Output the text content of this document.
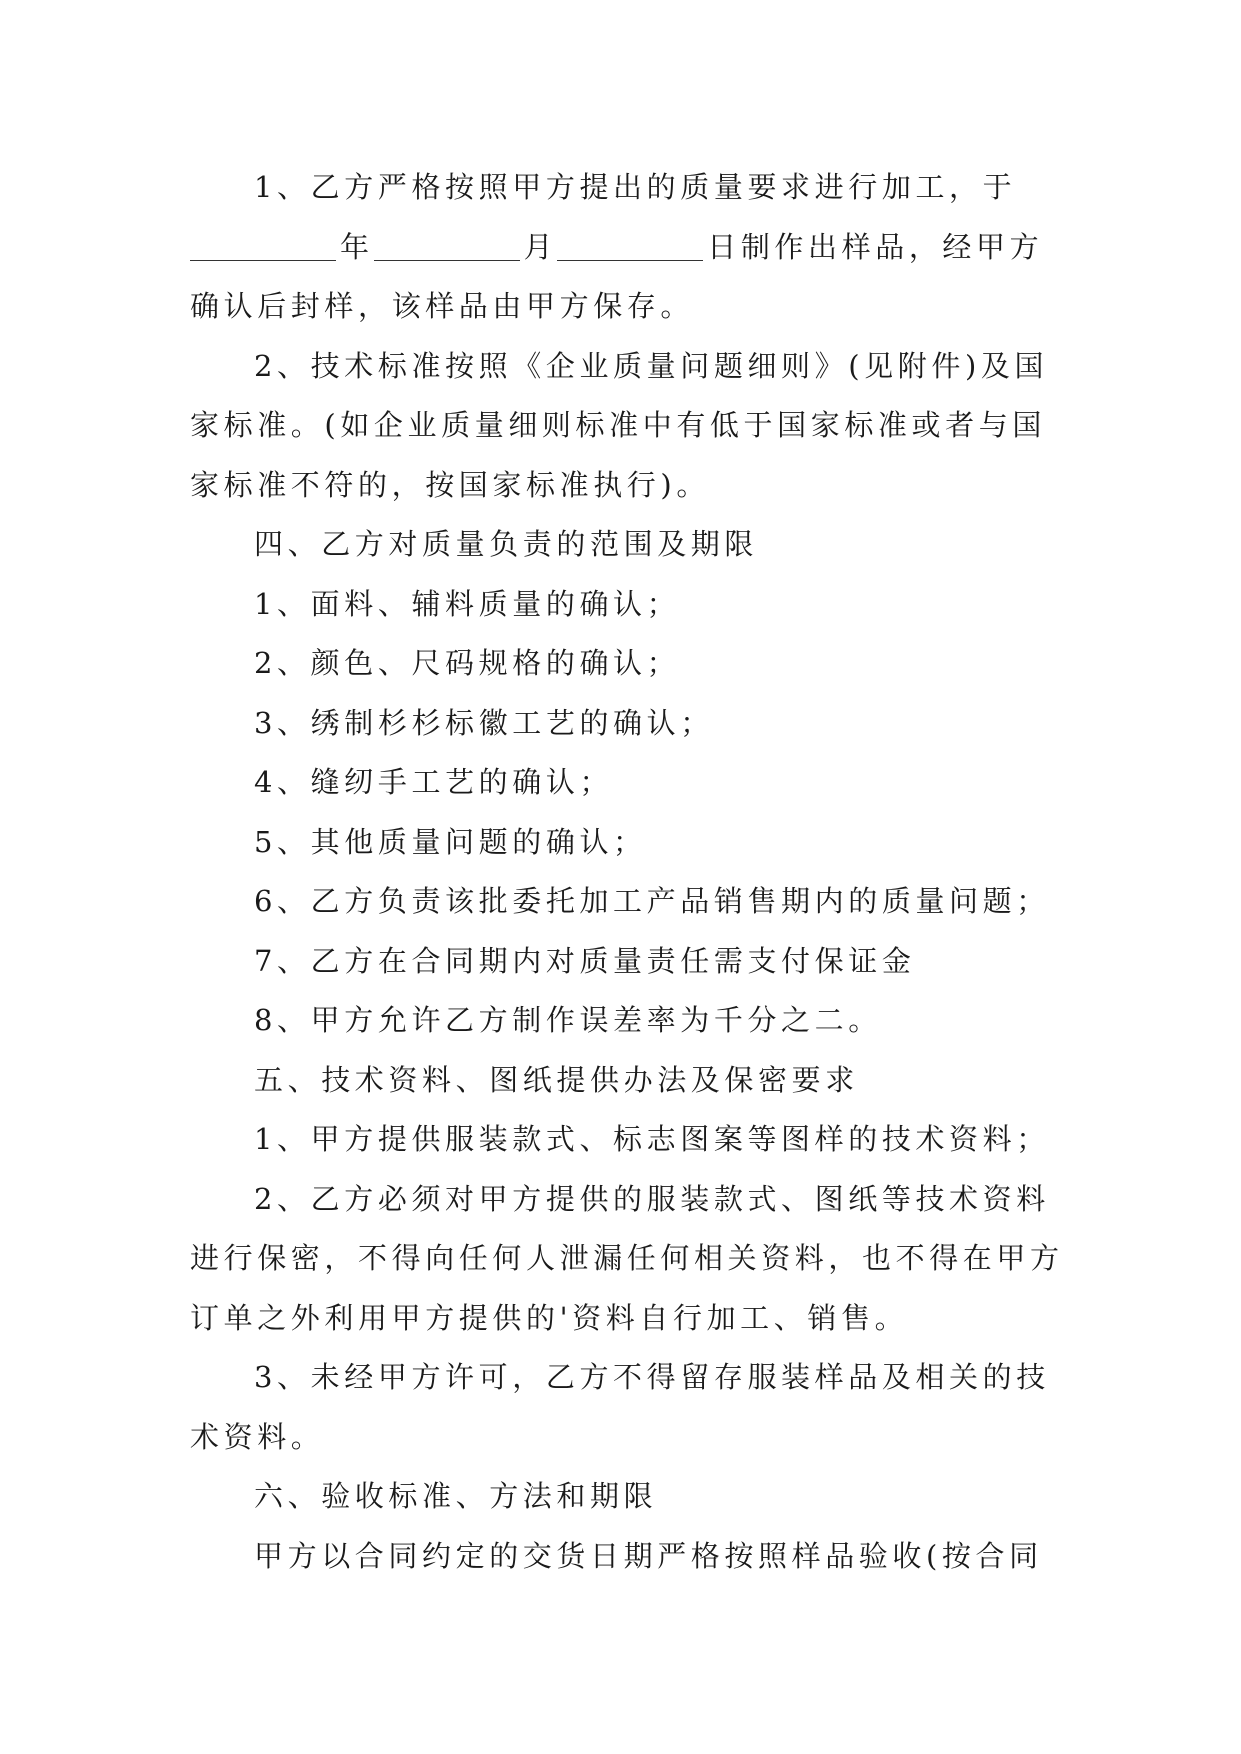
1、乙方严格按照甲方提出的质量要求进行加工，于
年	月	日制作出样品，经甲方
确认后封样，该样品由甲方保存。
2、技术标准按照《企业质量问题细则》(见附件)及国
家标准。(如企业质量细则标准中有低于国家标准或者与国
家标准不符的，按国家标准执行)。
四、乙方对质量负责的范围及期限
1、面料、辅料质量的确认；
2、颜色、尺码规格的确认；
3、绣制杉杉标徽工艺的确认；
4、缝纫手工艺的确认；
5、其他质量问题的确认；
6、乙方负责该批委托加工产品销售期内的质量问题；
7、乙方在合同期内对质量责任需支付保证金
8、甲方允许乙方制作误差率为千分之二。
五、技术资料、图纸提供办法及保密要求
1、甲方提供服装款式、标志图案等图样的技术资料；
2、乙方必须对甲方提供的服装款式、图纸等技术资料
进行保密，不得向任何人泄漏任何相关资料，也不得在甲方
订单之外利用甲方提供的'资料自行加工、销售。
3、未经甲方许可，乙方不得留存服装样品及相关的技
术资料。
六、验收标准、方法和期限
甲方以合同约定的交货日期严格按照样品验收(按合同
